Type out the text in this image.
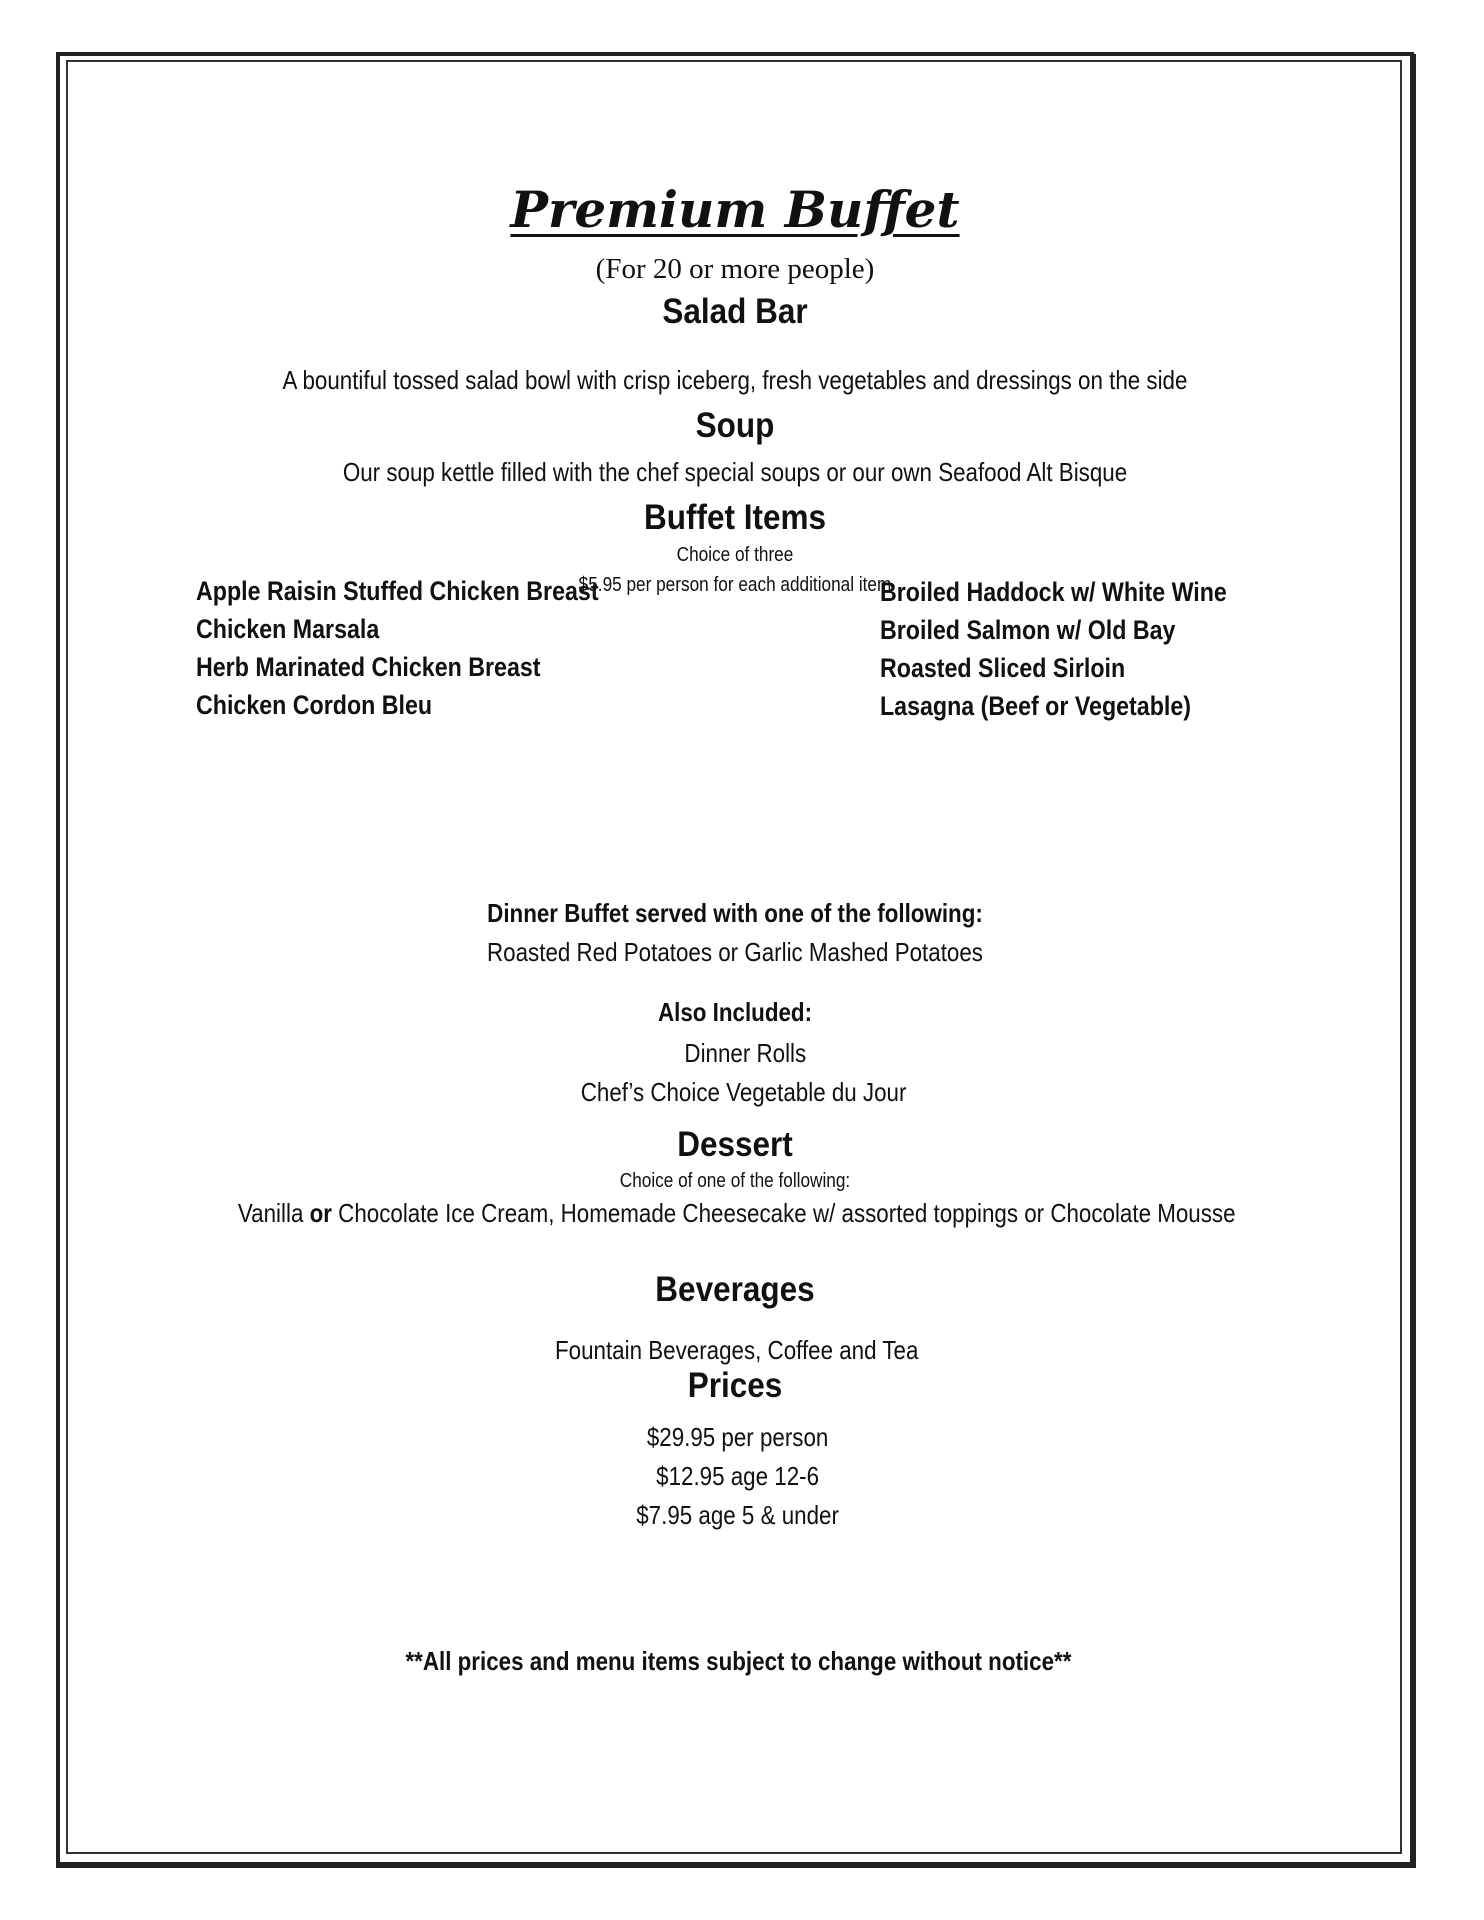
Premium Buffet
(For 20 or more people)
Salad Bar
A bountiful tossed salad bowl with crisp iceberg, fresh vegetables and dressings on the side
Soup
Our soup kettle filled with the chef special soups or our own Seafood Alt Bisque
Buffet Items
Choice of three
$5.95 per person for each additional item
Apple Raisin Stuffed Chicken Breast
Chicken Marsala
Herb Marinated Chicken Breast
Chicken Cordon Bleu
Broiled Haddock w/ White Wine
Broiled Salmon w/ Old Bay
Roasted Sliced Sirloin
Lasagna (Beef or Vegetable)
Dinner Buffet served with one of the following:
Roasted Red Potatoes or Garlic Mashed Potatoes
Also Included:
Dinner Rolls
Chef’s Choice Vegetable du Jour
Dessert
Choice of one of the following:
Vanilla or Chocolate Ice Cream, Homemade Cheesecake w/ assorted toppings or Chocolate Mousse
Beverages
Fountain Beverages, Coffee and Tea
Prices
$29.95 per person
$12.95 age 12-6
$7.95 age 5 & under
**All prices and menu items subject to change without notice**
